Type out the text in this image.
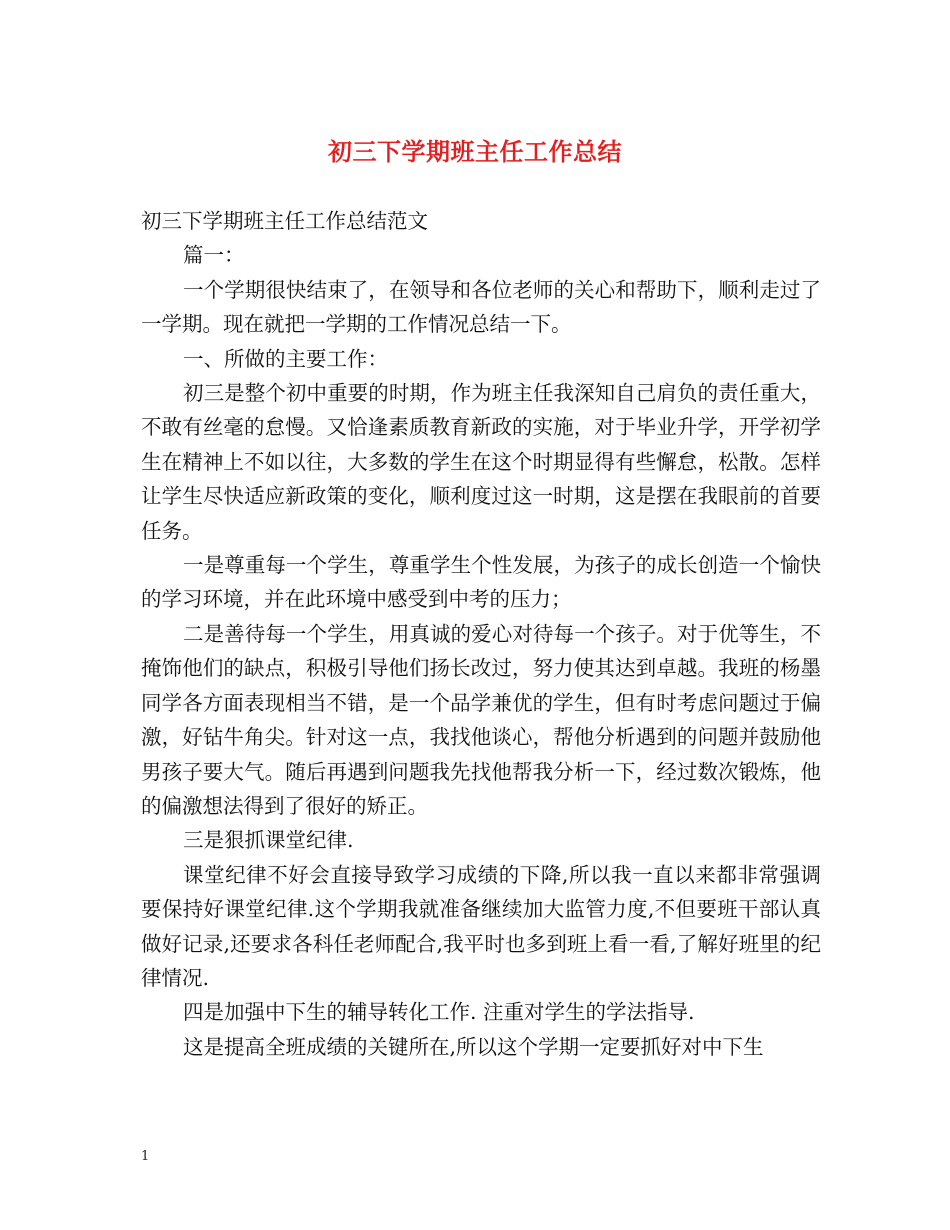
初三下学期班主任工作总结

初三下学期班主任工作总结范文

篇一：

一个学期很快结束了，在领导和各位老师的关心和帮助下，顺利走过了一学期。现在就把一学期的工作情况总结一下。

一、所做的主要工作：

初三是整个初中重要的时期，作为班主任我深知自己肩负的责任重大，不敢有丝毫的怠慢。又恰逢素质教育新政的实施，对于毕业升学，开学初学生在精神上不如以往，大多数的学生在这个时期显得有些懈怠，松散。怎样让学生尽快适应新政策的变化，顺利度过这一时期，这是摆在我眼前的首要任务。

一是尊重每一个学生，尊重学生个性发展，为孩子的成长创造一个愉快的学习环境，并在此环境中感受到中考的压力；

二是善待每一个学生，用真诚的爱心对待每一个孩子。对于优等生，不掩饰他们的缺点，积极引导他们扬长改过，努力使其达到卓越。我班的杨墨同学各方面表现相当不错，是一个品学兼优的学生，但有时考虑问题过于偏激，好钻牛角尖。针对这一点，我找他谈心，帮他分析遇到的问题并鼓励他男孩子要大气。随后再遇到问题我先找他帮我分析一下，经过数次锻炼，他的偏激想法得到了很好的矫正。

三是狠抓课堂纪律.

课堂纪律不好会直接导致学习成绩的下降,所以我一直以来都非常强调要保持好课堂纪律.这个学期我就准备继续加大监管力度,不但要班干部认真做好记录,还要求各科任老师配合,我平时也多到班上看一看,了解好班里的纪律情况.

四是加强中下生的辅导转化工作. 注重对学生的学法指导.

这是提高全班成绩的关键所在,所以这个学期一定要抓好对中下生

1
